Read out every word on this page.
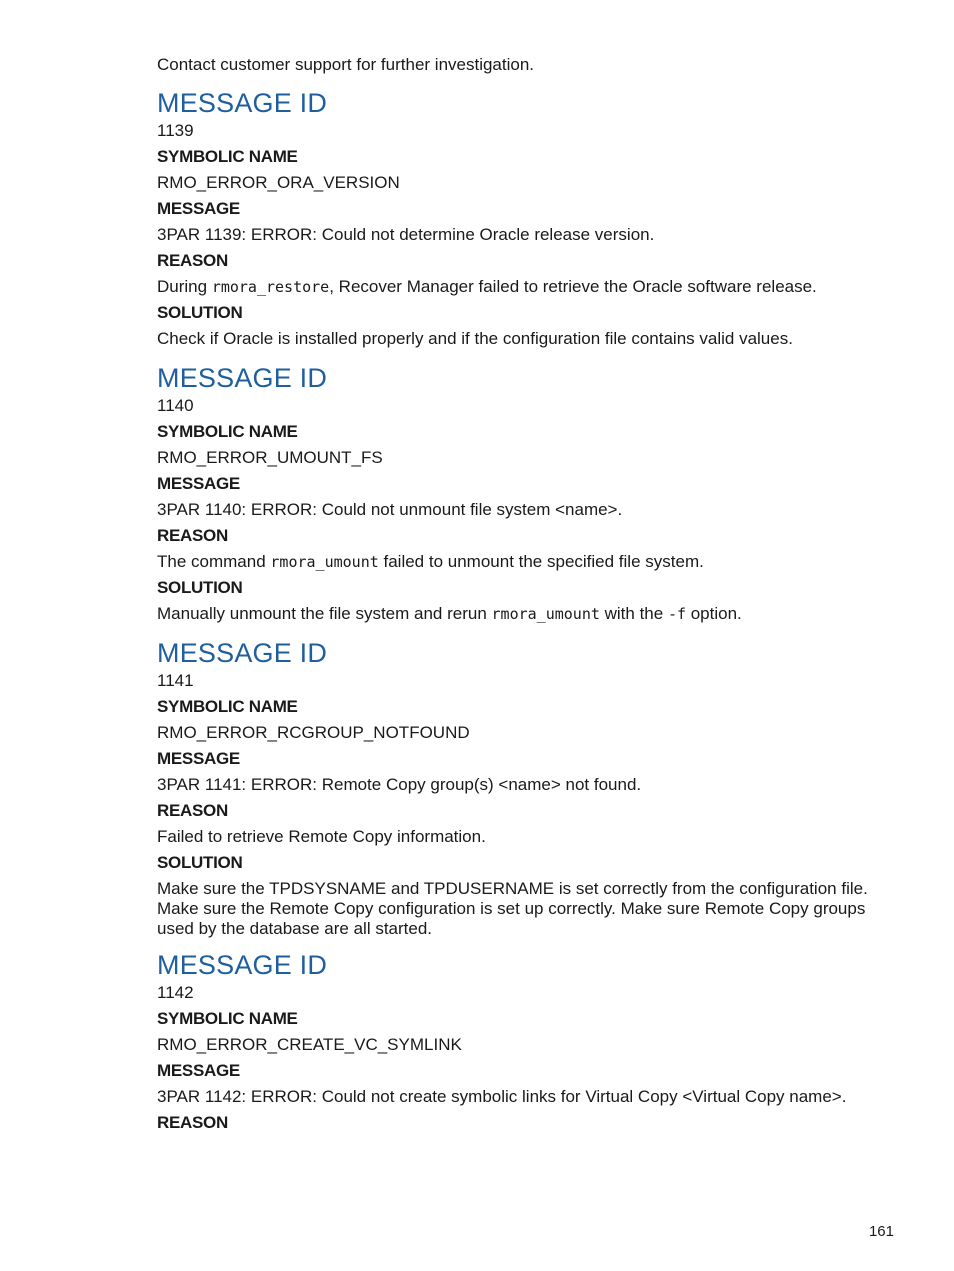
Contact customer support for further investigation.

MESSAGE ID

1139

SYMBOLIC NAME

RMO_ERROR_ORA_VERSION

MESSAGE

3PAR 1139: ERROR: Could not determine Oracle release version.

REASON

During rmora_restore, Recover Manager failed to retrieve the Oracle software release.

SOLUTION

Check if Oracle is installed properly and if the configuration file contains valid values.

MESSAGE ID

1140

SYMBOLIC NAME

RMO_ERROR_UMOUNT_FS

MESSAGE

3PAR 1140: ERROR: Could not unmount file system <name>.

REASON

The command rmora_umount failed to unmount the specified file system.

SOLUTION

Manually unmount the file system and rerun rmora_umount with the -f option.

MESSAGE ID

1141

SYMBOLIC NAME

RMO_ERROR_RCGROUP_NOTFOUND

MESSAGE

3PAR 1141: ERROR: Remote Copy group(s) <name> not found.

REASON

Failed to retrieve Remote Copy information.

SOLUTION

Make sure the TPDSYSNAME and TPDUSERNAME is set correctly from the configuration file. Make sure the Remote Copy configuration is set up correctly. Make sure Remote Copy groups used by the database are all started.

MESSAGE ID

1142

SYMBOLIC NAME

RMO_ERROR_CREATE_VC_SYMLINK

MESSAGE

3PAR 1142: ERROR: Could not create symbolic links for Virtual Copy <Virtual Copy name>.

REASON

161
